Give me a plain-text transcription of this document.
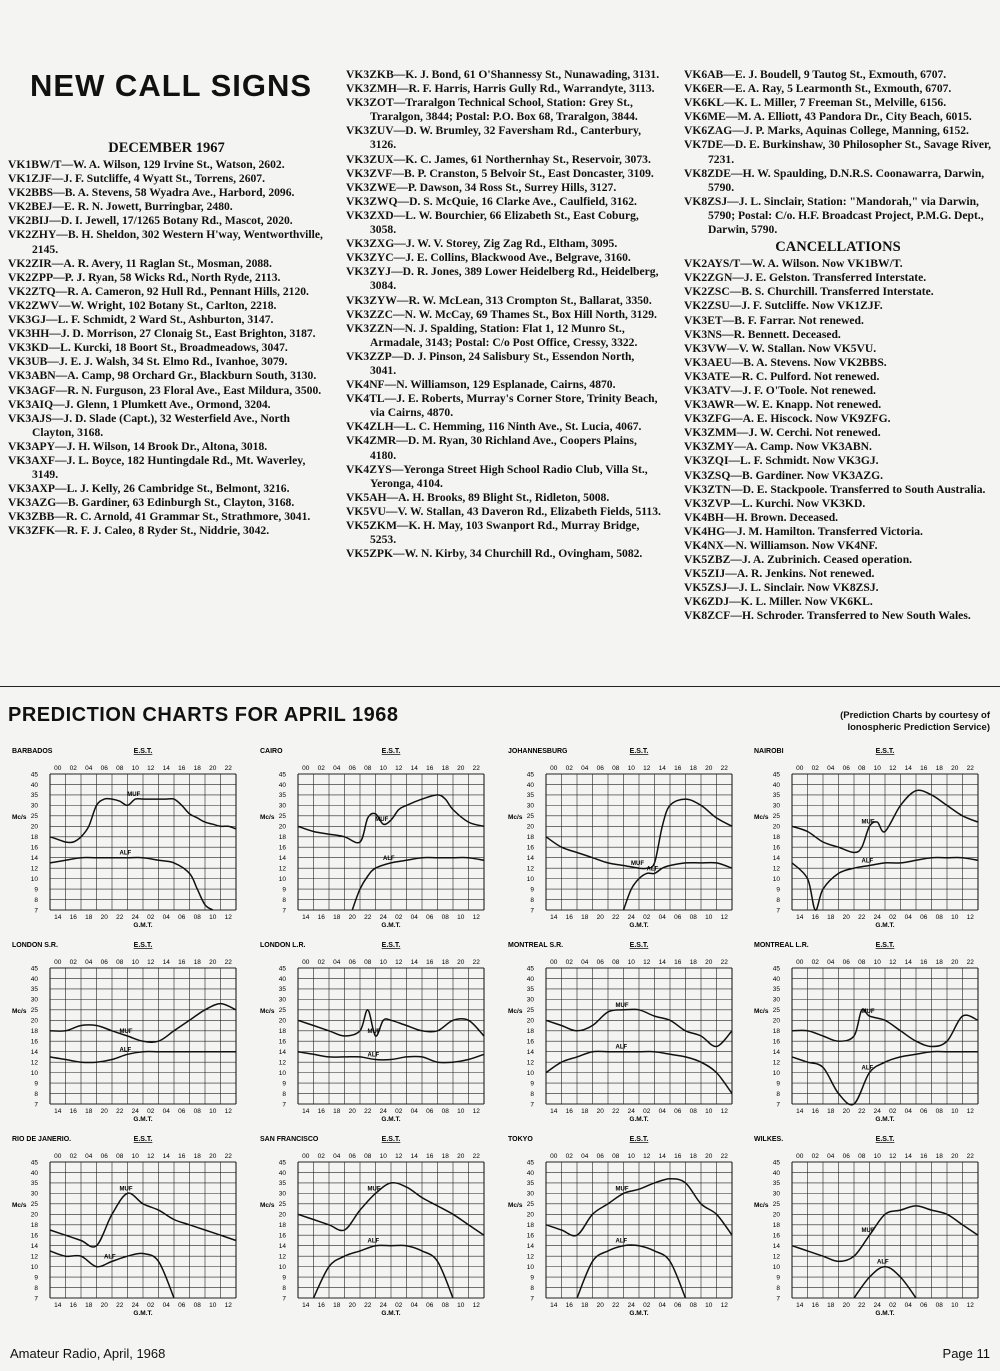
NEW CALL SIGNS
DECEMBER 1967
VK1BW/T—W. A. Wilson, 129 Irvine St., Watson, 2602.
VK1ZJF—J. F. Sutcliffe, 4 Wyatt St., Torrens, 2607.
VK2BBS—B. A. Stevens, 58 Wyadra Ave., Harbord, 2096.
VK2BEJ—E. R. N. Jowett, Burringbar, 2480.
VK2BIJ—D. I. Jewell, 17/1265 Botany Rd., Mascot, 2020.
VK2ZHY—B. H. Sheldon, 302 Western H'way, Wentworthville, 2145.
VK2ZIR—A. R. Avery, 11 Raglan St., Mosman, 2088.
VK2ZPP—P. J. Ryan, 58 Wicks Rd., North Ryde, 2113.
VK2ZTQ—R. A. Cameron, 92 Hull Rd., Pennant Hills, 2120.
VK2ZWV—W. Wright, 102 Botany St., Carlton, 2218.
VK3GJ—L. F. Schmidt, 2 Ward St., Ashburton, 3147.
VK3HH—J. D. Morrison, 27 Clonaig St., East Brighton, 3187.
VK3KD—L. Kurcki, 18 Boort St., Broadmeadows, 3047.
VK3UB—J. E. J. Walsh, 34 St. Elmo Rd., Ivanhoe, 3079.
VK3ABN—A. Camp, 98 Orchard Gr., Blackburn South, 3130.
VK3AGF—R. N. Furguson, 23 Floral Ave., East Mildura, 3500.
VK3AIQ—J. Glenn, 1 Plumkett Ave., Ormond, 3204.
VK3AJS—J. D. Slade (Capt.), 32 Westerfield Ave., North Clayton, 3168.
VK3APY—J. H. Wilson, 14 Brook Dr., Altona, 3018.
VK3AXF—J. L. Boyce, 182 Huntingdale Rd., Mt. Waverley, 3149.
VK3AXP—L. J. Kelly, 26 Cambridge St., Belmont, 3216.
VK3AZG—B. Gardiner, 63 Edinburgh St., Clayton, 3168.
VK3ZBB—R. C. Arnold, 41 Grammar St., Strathmore, 3041.
VK3ZFK—R. F. J. Caleo, 8 Ryder St., Niddrie, 3042.
VK3ZKB—K. J. Bond, 61 O'Shannessy St., Nunawading, 3131.
VK3ZMH—R. F. Harris, Harris Gully Rd., Warrandyte, 3113.
VK3ZOT—Traralgon Technical School, Station: Grey St., Traralgon, 3844; Postal: P.O. Box 68, Traralgon, 3844.
VK3ZUV—D. W. Brumley, 32 Faversham Rd., Canterbury, 3126.
VK3ZUX—K. C. James, 61 Northernhay St., Reservoir, 3073.
VK3ZVF—B. P. Cranston, 5 Belvoir St., East Doncaster, 3109.
VK3ZWE—P. Dawson, 34 Ross St., Surrey Hills, 3127.
VK3ZWQ—D. S. McQuie, 16 Clarke Ave., Caulfield, 3162.
VK3ZXD—L. W. Bourchier, 66 Elizabeth St., East Coburg, 3058.
VK3ZXG—J. W. V. Storey, Zig Zag Rd., Eltham, 3095.
VK3ZYC—J. E. Collins, Blackwood Ave., Belgrave, 3160.
VK3ZYJ—D. R. Jones, 389 Lower Heidelberg Rd., Heidelberg, 3084.
VK3ZYW—R. W. McLean, 313 Crompton St., Ballarat, 3350.
VK3ZZC—N. W. McCay, 69 Thames St., Box Hill North, 3129.
VK3ZZN—N. J. Spalding, Station: Flat 1, 12 Munro St., Armadale, 3143; Postal: C/o Post Office, Cressy, 3322.
VK3ZZP—D. J. Pinson, 24 Salisbury St., Essendon North, 3041.
VK4NF—N. Williamson, 129 Esplanade, Cairns, 4870.
VK4TL—J. E. Roberts, Murray's Corner Store, Trinity Beach, via Cairns, 4870.
VK4ZLH—L. C. Hemming, 116 Ninth Ave., St. Lucia, 4067.
VK4ZMR—D. M. Ryan, 30 Richland Ave., Coopers Plains, 4180.
VK4ZYS—Yeronga Street High School Radio Club, Villa St., Yeronga, 4104.
VK5AH—A. H. Brooks, 89 Blight St., Ridleton, 5008.
VK5VU—V. W. Stallan, 43 Daveron Rd., Elizabeth Fields, 5113.
VK5ZKM—K. H. May, 103 Swanport Rd., Murray Bridge, 5253.
VK5ZPK—W. N. Kirby, 34 Churchill Rd., Ovingham, 5082.
VK6AB—E. J. Boudell, 9 Tautog St., Exmouth, 6707.
VK6ER—E. A. Ray, 5 Learmonth St., Exmouth, 6707.
VK6KL—K. L. Miller, 7 Freeman St., Melville, 6156.
VK6ME—M. A. Elliott, 43 Pandora Dr., City Beach, 6015.
VK6ZAG—J. P. Marks, Aquinas College, Manning, 6152.
VK7DE—D. E. Burkinshaw, 30 Philosopher St., Savage River, 7231.
VK8ZDE—H. W. Spaulding, D.N.R.S. Coonawarra, Darwin, 5790.
VK8ZSJ—J. L. Sinclair, Station: "Mandorah," via Darwin, 5790; Postal: C/o. H.F. Broadcast Project, P.M.G. Dept., Darwin, 5790.
CANCELLATIONS
VK2AYS/T—W. A. Wilson. Now VK1BW/T.
VK2ZGN—J. E. Gelston. Transferred Interstate.
VK2ZSC—B. S. Churchill. Transferred Interstate.
VK2ZSU—J. F. Sutcliffe. Now VK1ZJF.
VK3ET—B. F. Farrar. Not renewed.
VK3NS—R. Bennett. Deceased.
VK3VW—V. W. Stallan. Now VK5VU.
VK3AEU—B. A. Stevens. Now VK2BBS.
VK3ATE—R. C. Pulford. Not renewed.
VK3ATV—J. F. O'Toole. Not renewed.
VK3AWR—W. E. Knapp. Not renewed.
VK3ZFG—A. E. Hiscock. Now VK9ZFG.
VK3ZMM—J. W. Cerchi. Not renewed.
VK3ZMY—A. Camp. Now VK3ABN.
VK3ZQI—L. F. Schmidt. Now VK3GJ.
VK3ZSQ—B. Gardiner. Now VK3AZG.
VK3ZTN—D. E. Stackpoole. Transferred to South Australia.
VK3ZVP—L. Kurchi. Now VK3KD.
VK4BH—H. Brown. Deceased.
VK4HG—J. M. Hamilton. Transferred Victoria.
VK4NX—N. Williamson. Now VK4NF.
VK5ZBZ—J. A. Zubrinich. Ceased operation.
VK5ZIJ—A. R. Jenkins. Not renewed.
VK5ZSJ—J. L. Sinclair. Now VK8ZSJ.
VK6ZDJ—K. L. Miller. Now VK6KL.
VK8ZCF—H. Schroder. Transferred to New South Wales.
PREDICTION CHARTS FOR APRIL 1968	(Prediction Charts by courtesy of
Ionospheric Prediction Service)
BARBADOS	E.S.T.
00 02 04 06 08 10 12 14 16 18 20 22
45
40
35
30
25
20
18
16
14
12
10
9
8
7
Mc/s
14 16 18 20 22 24 02 04 06 08 10 12
G.M.T.
MUF
ALF
CAIRO	E.S.T.
00 02 04 06 08 10 12 14 16 18 20 22
45
40
35
30
25
20
18
16
14
12
10
9
8
7
Mc/s
14 16 18 20 22 24 02 04 06 08 10 12
G.M.T.
MUF
ALF
JOHANNESBURG	E.S.T.
00 02 04 06 08 10 12 14 16 18 20 22
45
40
35
30
25
20
18
16
14
12
10
9
8
7
Mc/s
14 16 18 20 22 24 02 04 06 08 10 12
G.M.T.
MUF
ALF
NAIROBI	E.S.T.
00 02 04 06 08 10 12 14 16 18 20 22
45
40
35
30
25
20
18
16
14
12
10
9
8
7
Mc/s
14 16 18 20 22 24 02 04 06 08 10 12
G.M.T.
MUF
ALF
LONDON S.R.	E.S.T.
00 02 04 06 08 10 12 14 16 18 20 22
45
40
35
30
25
20
18
16
14
12
10
9
8
7
Mc/s
14 16 18 20 22 24 02 04 06 08 10 12
G.M.T.
MUF
ALF
LONDON L.R.	E.S.T.
00 02 04 06 08 10 12 14 16 18 20 22
45
40
35
30
25
20
18
16
14
12
10
9
8
7
Mc/s
14 16 18 20 22 24 02 04 06 08 10 12
G.M.T.
MUF
ALF
MONTREAL S.R.	E.S.T.
00 02 04 06 08 10 12 14 16 18 20 22
45
40
35
30
25
20
18
16
14
12
10
9
8
7
Mc/s
14 16 18 20 22 24 02 04 06 08 10 12
G.M.T.
MUF
ALF
MONTREAL L.R.	E.S.T.
00 02 04 06 08 10 12 14 16 18 20 22
45
40
35
30
25
20
18
16
14
12
10
9
8
7
Mc/s
14 16 18 20 22 24 02 04 06 08 10 12
G.M.T.
MUF
ALF
RIO DE JANERIO.	E.S.T.
00 02 04 06 08 10 12 14 16 18 20 22
45
40
35
30
25
20
18
16
14
12
10
9
8
7
Mc/s
14 16 18 20 22 24 02 04 06 08 10 12
G.M.T.
MUF
ALF
SAN FRANCISCO	E.S.T.
00 02 04 06 08 10 12 14 16 18 20 22
45
40
35
30
25
20
18
16
14
12
10
9
8
7
Mc/s
14 16 18 20 22 24 02 04 06 08 10 12
G.M.T.
MUF
ALF
TOKYO	E.S.T.
00 02 04 06 08 10 12 14 16 18 20 22
45
40
35
30
25
20
18
16
14
12
10
9
8
7
Mc/s
14 16 18 20 22 24 02 04 06 08 10 12
G.M.T.
MUF
ALF
WILKES.	E.S.T.
00 02 04 06 08 10 12 14 16 18 20 22
45
40
35
30
25
20
18
16
14
12
10
9
8
7
Mc/s
14 16 18 20 22 24 02 04 06 08 10 12
G.M.T.
MUF
ALF
Amateur Radio, April, 1968	Page 11
